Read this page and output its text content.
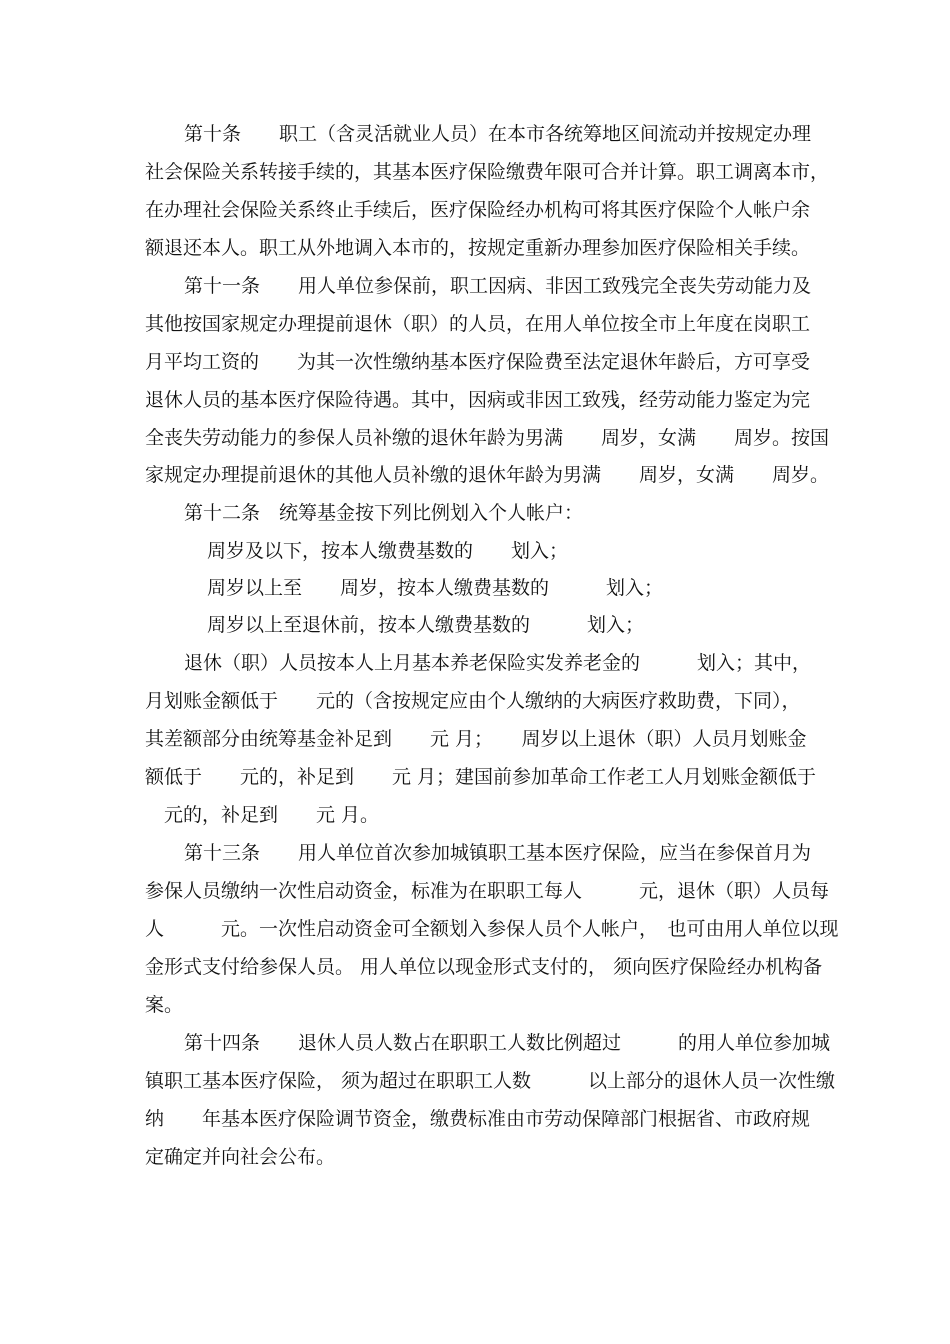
第十条　　职工（含灵活就业人员）在本市各统筹地区间流动并按规定办理
社会保险关系转接手续的，其基本医疗保险缴费年限可合并计算。职工调离本市，
在办理社会保险关系终止手续后，医疗保险经办机构可将其医疗保险个人帐户余
额退还本人。职工从外地调入本市的，按规定重新办理参加医疗保险相关手续。
第十一条　　用人单位参保前，职工因病、非因工致残完全丧失劳动能力及
其他按国家规定办理提前退休（职）的人员，在用人单位按全市上年度在岗职工
月平均工资的　　为其一次性缴纳基本医疗保险费至法定退休年龄后，方可享受
退休人员的基本医疗保险待遇。其中，因病或非因工致残，经劳动能力鉴定为完
全丧失劳动能力的参保人员补缴的退休年龄为男满　　周岁，女满　　周岁。按国
家规定办理提前退休的其他人员补缴的退休年龄为男满　　周岁，女满　　周岁。
第十二条　统筹基金按下列比例划入个人帐户：
周岁及以下，按本人缴费基数的　　划入；
周岁以上至　　周岁，按本人缴费基数的　　　划入；
周岁以上至退休前，按本人缴费基数的　　　划入；
退休（职）人员按本人上月基本养老保险实发养老金的　　　划入；其中，
月划账金额低于　　元的（含按规定应由个人缴纳的大病医疗救助费，下同），
其差额部分由统筹基金补足到　　元 月；　　周岁以上退休（职）人员月划账金
额低于　　元的，补足到　　元 月；建国前参加革命工作老工人月划账金额低于
元的，补足到　　元 月。
第十三条　　用人单位首次参加城镇职工基本医疗保险，应当在参保首月为
参保人员缴纳一次性启动资金，标准为在职职工每人　　　元，退休（职）人员每
人　　　元。一次性启动资金可全额划入参保人员个人帐户，　也可由用人单位以现
金形式支付给参保人员。 用人单位以现金形式支付的， 须向医疗保险经办机构备
案。
第十四条　　退休人员人数占在职职工人数比例超过　　　的用人单位参加城
镇职工基本医疗保险， 须为超过在职职工人数　　　以上部分的退休人员一次性缴
纳　　年基本医疗保险调节资金，缴费标准由市劳动保障部门根据省、市政府规
定确定并向社会公布。
